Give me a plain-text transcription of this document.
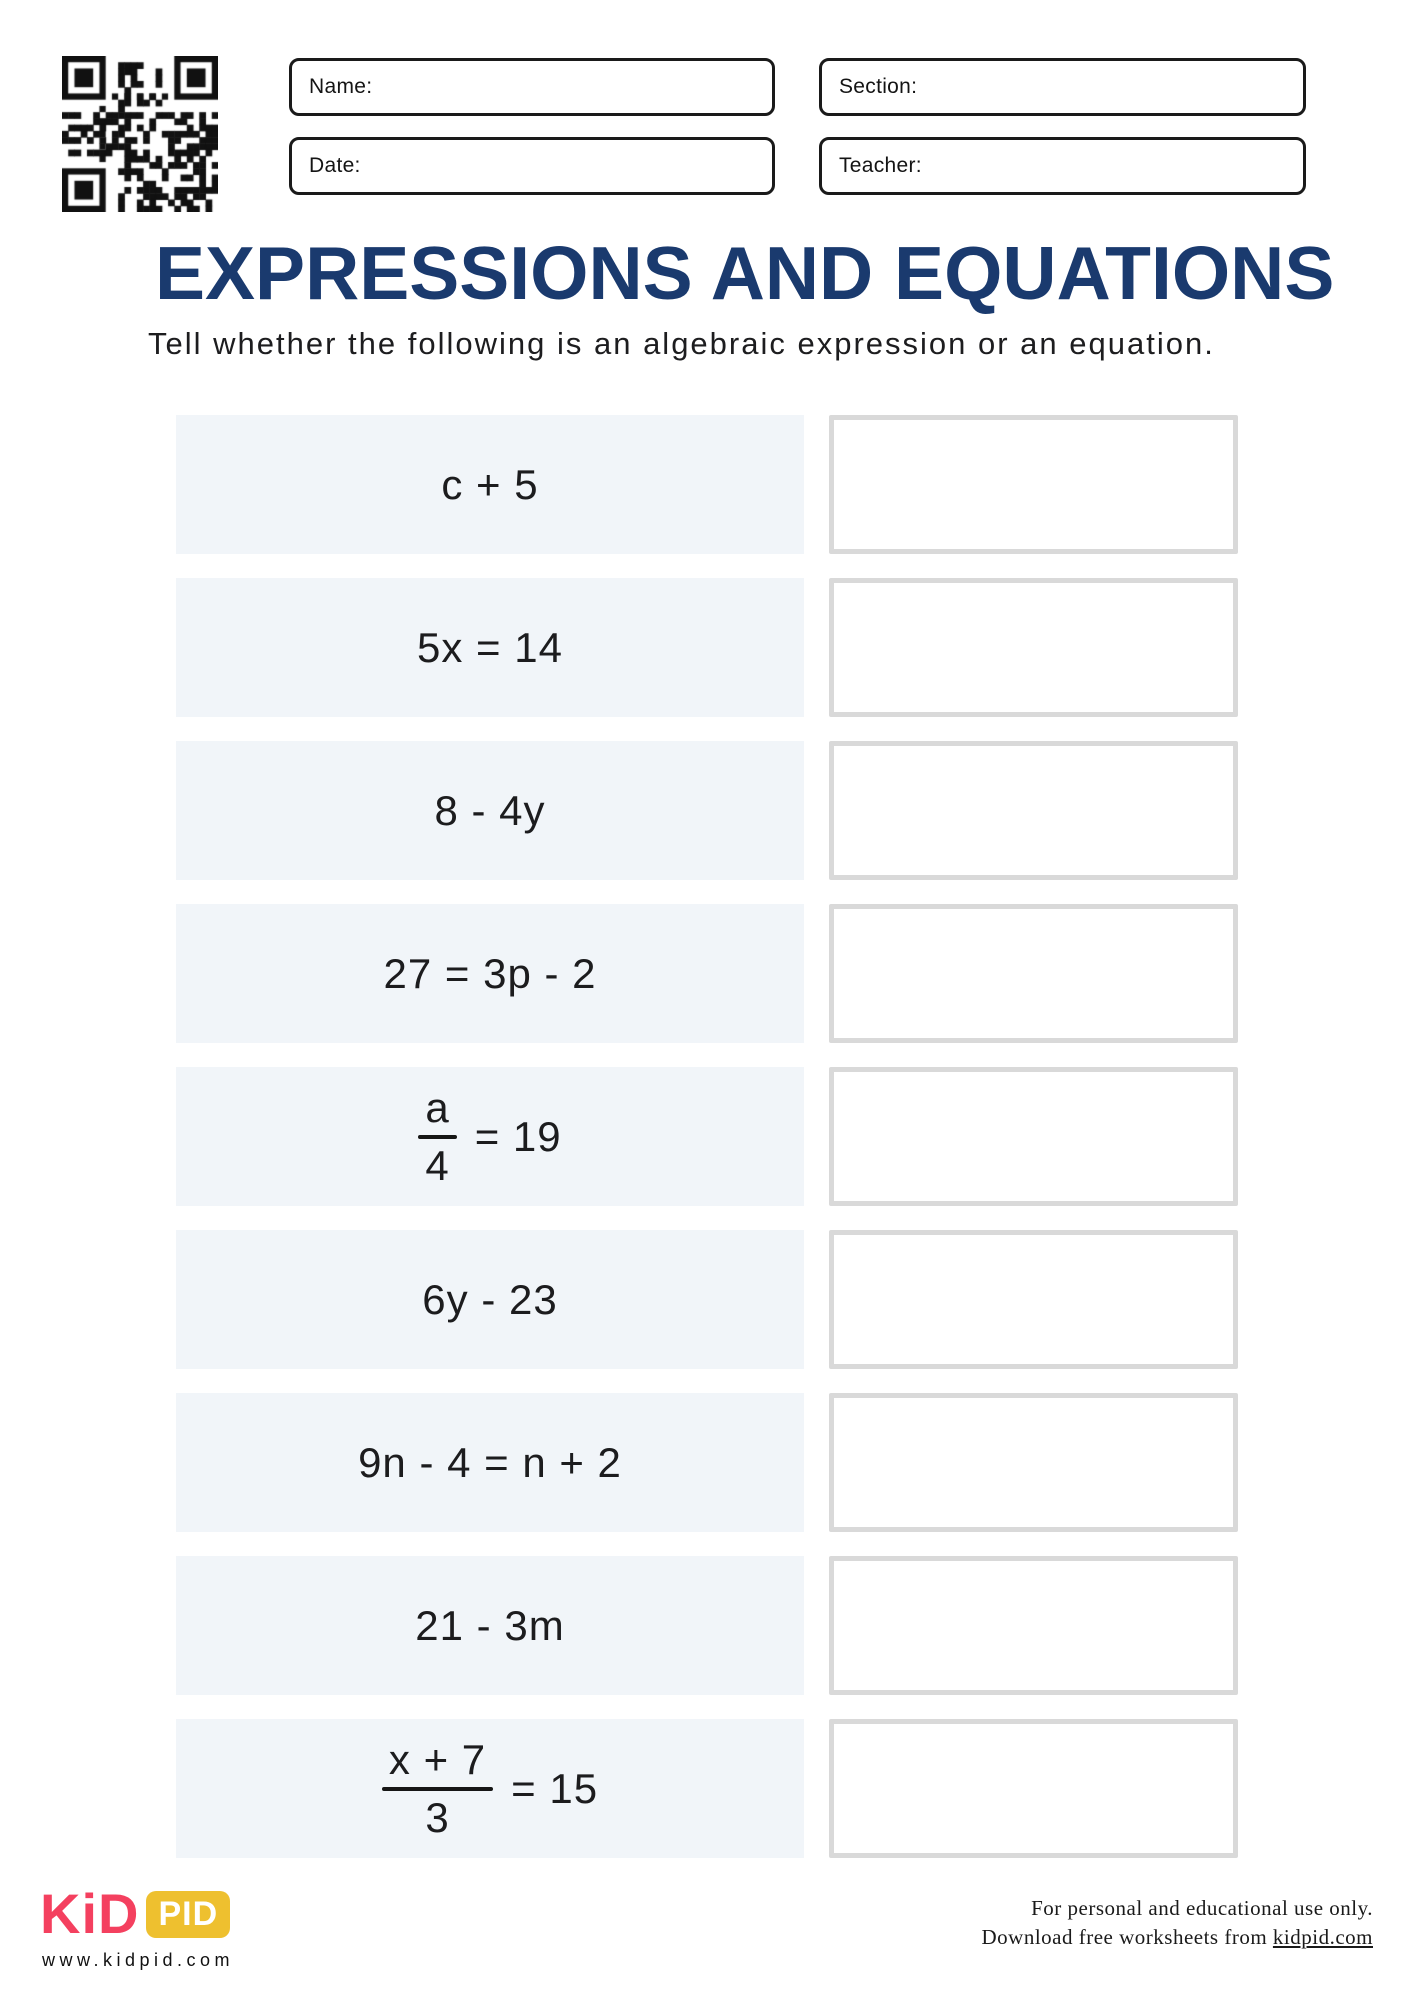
Name:	Section:
Date:	Teacher:
EXPRESSIONS AND EQUATIONS

Tell whether the following is an algebraic expression or an equation.

c + 5
5x = 14
8 - 4y
27 = 3p - 2
$\frac{a}{4} = 19$
6y - 23
9n - 4 = n + 2
21 - 3m
$\frac{x + 7}{3} = 15$
KiD PID
www.kidpid.com
For personal and educational use only.
Download free worksheets from kidpid.com
